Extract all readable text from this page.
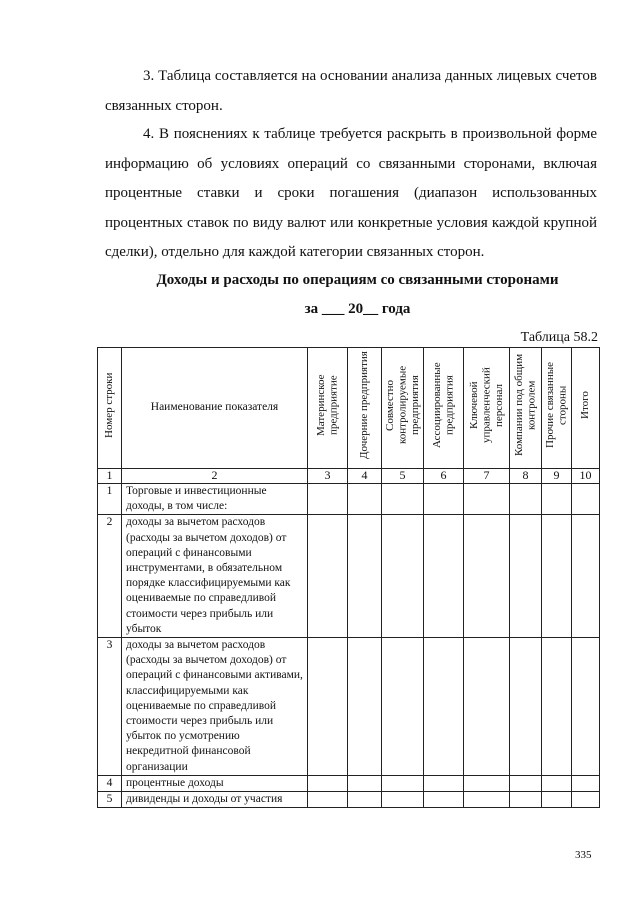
3. Таблица составляется на основании анализа данных лицевых счетов связанных сторон.

4. В пояснениях к таблице требуется раскрыть в произвольной форме информацию об условиях операций со связанными сторонами, включая процентные ставки и сроки погашения (диапазон использованных процентных ставок по виду валют или конкретные условия каждой крупной сделки), отдельно для каждой категории связанных сторон.

Доходы и расходы по операциям со связанными сторонами

за ___ 20__ года

Таблица 58.2
Номер строки	Наименование показателя	Материнское предприятие	Дочерние предприятия	Совместно контролируемые предприятия	Ассоциированные предприятия	Ключевой управленческий персонал	Компании под общим контролем	Прочие связанные стороны	Итого

1	2	3	4	5	6	7	8	9	10
1	Торговые и инвестиционные доходы, в том числе:								
2	доходы за вычетом расходов (расходы за вычетом доходов) от операций с финансовыми инструментами, в обязательном порядке классифицируемыми как оцениваемые по справедливой стоимости через прибыль или убыток								
3	доходы за вычетом расходов (расходы за вычетом доходов) от операций с финансовыми активами, классифицируемыми как оцениваемые по справедливой стоимости через прибыль или убыток по усмотрению некредитной финансовой организации								
4	процентные доходы								
5	дивиденды и доходы от участия								
335
